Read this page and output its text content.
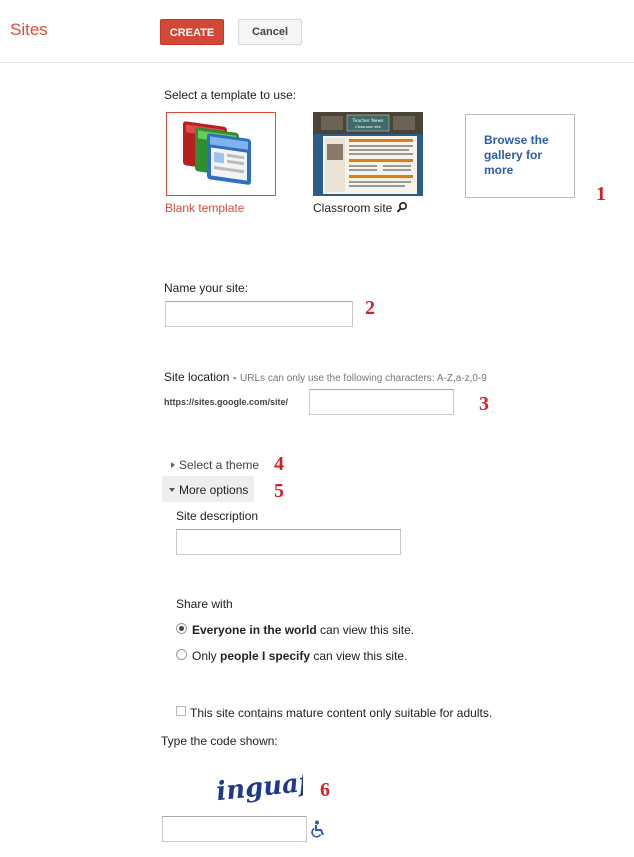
Sites	CREATE	Cancel
Select a template to use:
Blank template
Teacher News
Classroom site
Classroom site
Browse the gallery for more
1
Name your site:
2
Site location - URLs can only use the following characters: A-Z,a-z,0-9
https://sites.google.com/site/	3
Select a theme 4
More options 5
Site description
Share with
Everyone in the world can view this site.
Only people I specify can view this site.
This site contains mature content only suitable for adults.
Type the code shown:
inguafts
6
